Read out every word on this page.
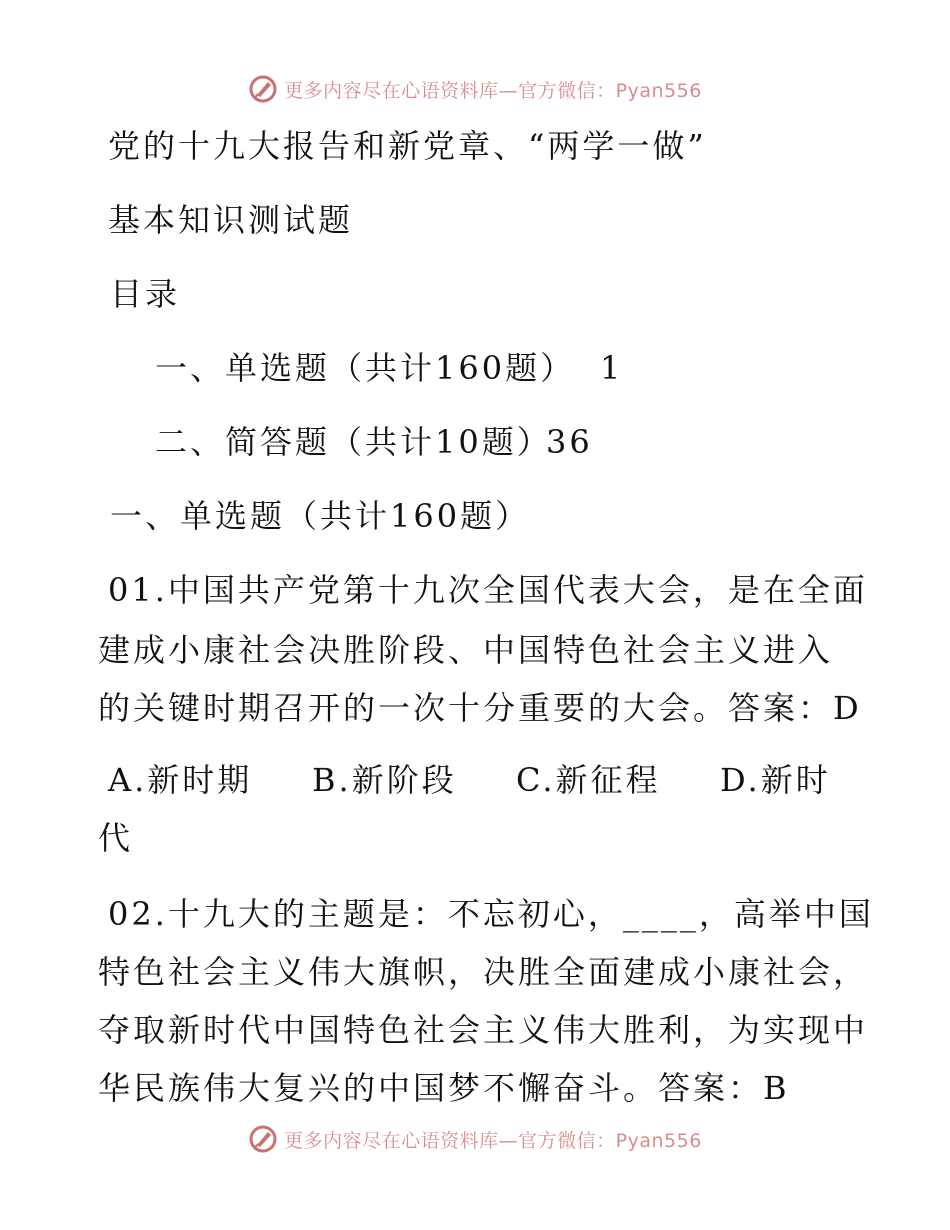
更多内容尽在心语资料库—官方微信：Pyan556
党的十九大报告和新党章、“两学一做”
基本知识测试题
目录
一、单选题（共计160题） 1
二、简答题（共计10题）
36
一、单选题（共计160题）
01.中国共产党第十九次全国代表大会，是在全面
建成小康社会决胜阶段、中国特色社会主义进入
的关键时期召开的一次十分重要的大会。答案：D
A.新时期 B.新阶段 C.新征程 D.新时
代
02.十九大的主题是：不忘初心，____，高举中国
特色社会主义伟大旗帜，决胜全面建成小康社会，
夺取新时代中国特色社会主义伟大胜利，为实现中
华民族伟大复兴的中国梦不懈奋斗。答案：B
更多内容尽在心语资料库—官方微信：Pyan556
